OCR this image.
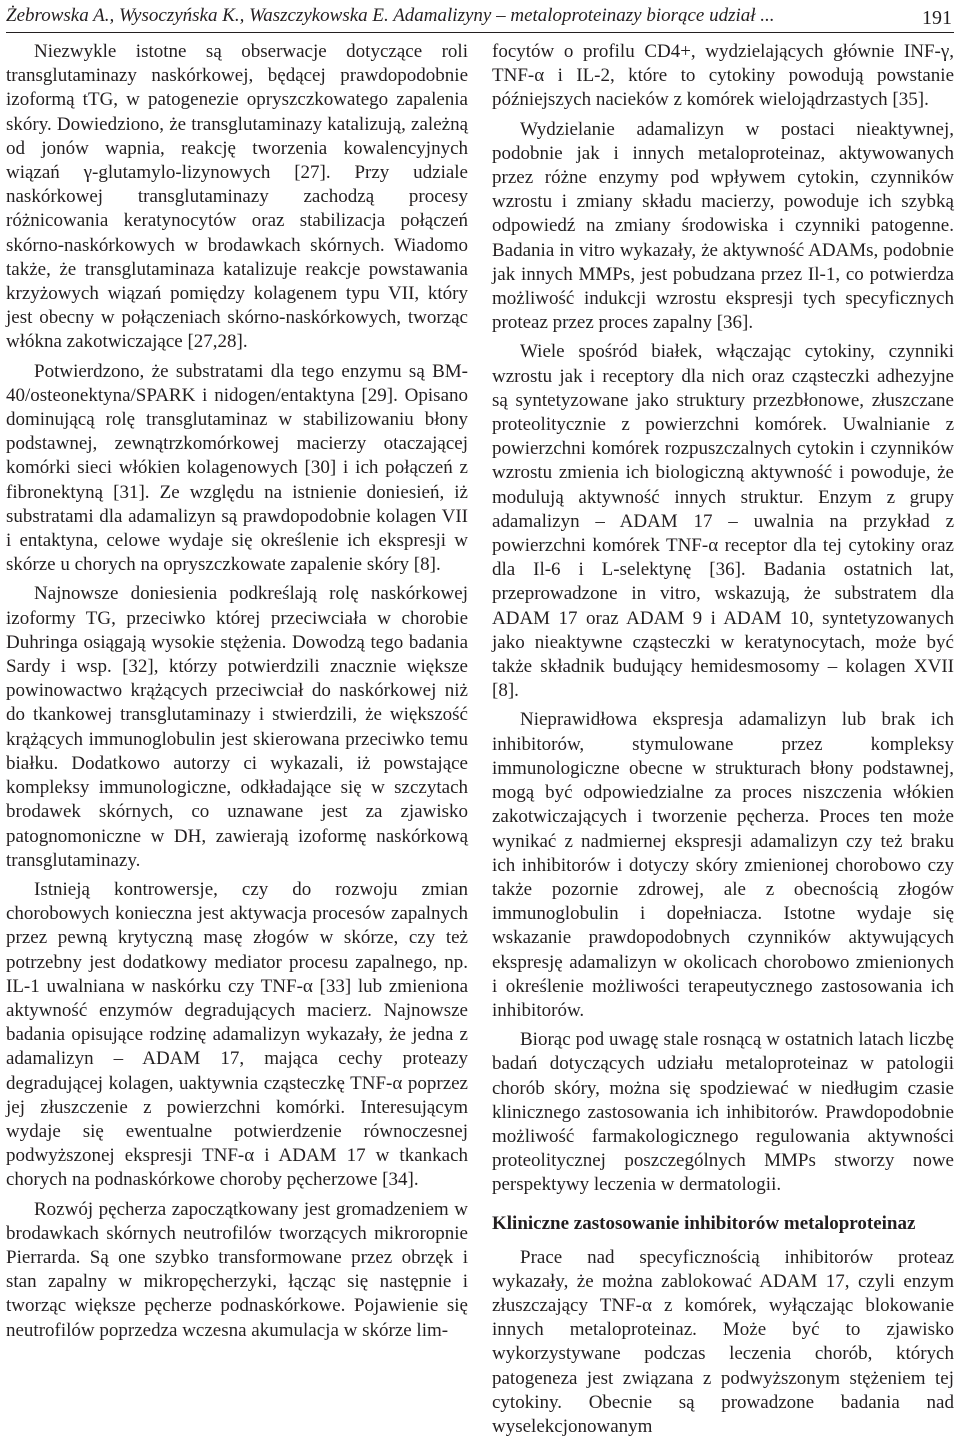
Żebrowska A., Wysoczyńska K., Waszczykowska E. Adamalizyny – metaloproteinazy biorące udział ...	191

Niezwykle istotne są obserwacje dotyczące roli transglutaminazy naskórkowej, będącej prawdopodobnie izoformą tTG, w patogenezie opryszczkowatego zapalenia skóry. Dowiedziono, że transglutaminazy katalizują, zależną od jonów wapnia, reakcję tworzenia kowalencyjnych wiązań γ-glutamylo-lizynowych [27]. Przy udziale naskórkowej transglutaminazy zachodzą procesy różnicowania keratynocytów oraz stabilizacja połączeń skórno-naskórkowych w brodawkach skórnych. Wiadomo także, że transglutaminaza katalizuje reakcje powstawania krzyżowych wiązań pomiędzy kolagenem typu VII, który jest obecny w połączeniach skórno-naskórkowych, tworząc włókna zakotwiczające [27,28].

Potwierdzono, że substratami dla tego enzymu są BM-40/osteonektyna/SPARK i nidogen/entaktyna [29]. Opisano dominującą rolę transglutaminaz w stabilizowaniu błony podstawnej, zewnątrzkomórkowej macierzy otaczającej komórki sieci włókien kolagenowych [30] i ich połączeń z fibronektyną [31]. Ze względu na istnienie doniesień, iż substratami dla adamalizyn są prawdopodobnie kolagen VII i entaktyna, celowe wydaje się określenie ich ekspresji w skórze u chorych na opryszczkowate zapalenie skóry [8].

Najnowsze doniesienia podkreślają rolę naskórkowej izoformy TG, przeciwko której przeciwciała w chorobie Duhringa osiągają wysokie stężenia. Dowodzą tego badania Sardy i wsp. [32], którzy potwierdzili znacznie większe powinowactwo krążących przeciwciał do naskórkowej niż do tkankowej transglutaminazy i stwierdzili, że większość krążących immunoglobulin jest skierowana przeciwko temu białku. Dodatkowo autorzy ci wykazali, iż powstające kompleksy immunologiczne, odkładające się w szczytach brodawek skórnych, co uznawane jest za zjawisko patognomoniczne w DH, zawierają izoformę naskórkową transglutaminazy.

Istnieją kontrowersje, czy do rozwoju zmian chorobowych konieczna jest aktywacja procesów zapalnych przez pewną krytyczną masę złogów w skórze, czy też potrzebny jest dodatkowy mediator procesu zapalnego, np. IL-1 uwalniana w naskórku czy TNF-α [33] lub zmieniona aktywność enzymów degradujących macierz. Najnowsze badania opisujące rodzinę adamalizyn wykazały, że jedna z adamalizyn – ADAM 17, mająca cechy proteazy degradującej kolagen, uaktywnia cząsteczkę TNF-α poprzez jej złuszczenie z powierzchni komórki. Interesującym wydaje się ewentualne potwierdzenie równoczesnej podwyższonej ekspresji TNF-α i ADAM 17 w tkankach chorych na podnaskórkowe choroby pęcherzowe [34].

Rozwój pęcherza zapoczątkowany jest gromadzeniem w brodawkach skórnych neutrofilów tworzących mikroropnie Pierrarda. Są one szybko transformowane przez obrzęk i stan zapalny w mikropęcherzyki, łącząc się następnie i tworząc większe pęcherze podnaskórkowe. Pojawienie się neutrofilów poprzedza wczesna akumulacja w skórze lim-

focytów o profilu CD4+, wydzielających głównie INF-γ, TNF-α i IL-2, które to cytokiny powodują powstanie późniejszych nacieków z komórek wielojądrzastych [35].

Wydzielanie adamalizyn w postaci nieaktywnej, podobnie jak i innych metaloproteinaz, aktywowanych przez różne enzymy pod wpływem cytokin, czynników wzrostu i zmiany składu macierzy, powoduje ich szybką odpowiedź na zmiany środowiska i czynniki patogenne. Badania in vitro wykazały, że aktywność ADAMs, podobnie jak innych MMPs, jest pobudzana przez Il-1, co potwierdza możliwość indukcji wzrostu ekspresji tych specyficznych proteaz przez proces zapalny [36].

Wiele spośród białek, włączając cytokiny, czynniki wzrostu jak i receptory dla nich oraz cząsteczki adhezyjne są syntetyzowane jako struktury przezbłonowe, złuszczane proteolitycznie z powierzchni komórek. Uwalnianie z powierzchni komórek rozpuszczalnych cytokin i czynników wzrostu zmienia ich biologiczną aktywność i powoduje, że modulują aktywność innych struktur. Enzym z grupy adamalizyn – ADAM 17 – uwalnia na przykład z powierzchni komórek TNF-α receptor dla tej cytokiny oraz dla Il-6 i L-selektynę [36]. Badania ostatnich lat, przeprowadzone in vitro, wskazują, że substratem dla ADAM 17 oraz ADAM 9 i ADAM 10, syntetyzowanych jako nieaktywne cząsteczki w keratynocytach, może być także składnik budujący hemidesmosomy – kolagen XVII [8].

Nieprawidłowa ekspresja adamalizyn lub brak ich inhibitorów, stymulowane przez kompleksy immunologiczne obecne w strukturach błony podstawnej, mogą być odpowiedzialne za proces niszczenia włókien zakotwiczających i tworzenie pęcherza. Proces ten może wynikać z nadmiernej ekspresji adamalizyn czy też braku ich inhibitorów i dotyczy skóry zmienionej chorobowo czy także pozornie zdrowej, ale z obecnością złogów immunoglobulin i dopełniacza. Istotne wydaje się wskazanie prawdopodobnych czynników aktywujących ekspresję adamalizyn w okolicach chorobowo zmienionych i określenie możliwości terapeutycznego zastosowania ich inhibitorów.

Biorąc pod uwagę stale rosnącą w ostatnich latach liczbę badań dotyczących udziału metaloproteinaz w patologii chorób skóry, można się spodziewać w niedługim czasie klinicznego zastosowania ich inhibitorów. Prawdopodobnie możliwość farmakologicznego regulowania aktywności proteolitycznej poszczególnych MMPs stworzy nowe perspektywy leczenia w dermatologii.

Kliniczne zastosowanie inhibitorów metaloproteinaz

Prace nad specyficznością inhibitorów proteaz wykazały, że można zablokować ADAM 17, czyli enzym złuszczający TNF-α z komórek, wyłączając blokowanie innych metaloproteinaz. Może być to zjawisko wykorzystywane podczas leczenia chorób, których patogeneza jest związana z podwyższonym stężeniem tej cytokiny. Obecnie są prowadzone badania nad wyselekcjonowanym
